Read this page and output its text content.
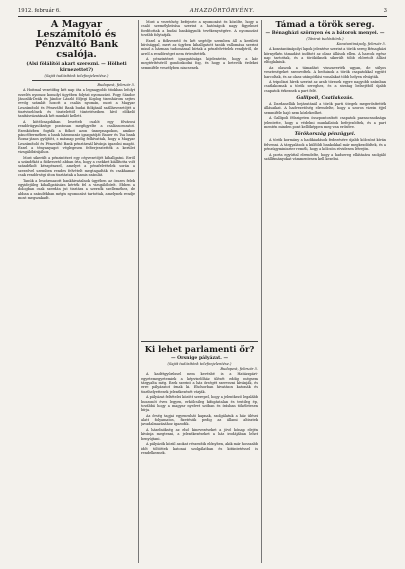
1912. február 6.	AHAZDÖRTÖRVÉNY.	3
A Magyar Leszámítoló és Pénzváltó Bank csalója.
(Alsi fölálítói akart szerezni. — Hölheti kirnezettet?)
(Saját tudósítónk telefonjelentése.)
Budapest, február 5.

A Hoitmal vezetőfog két nap óta a legnagyobb titokban lefolyt ezzelés nyomoz komolyí ügyében folytat nyomozást. Fogy Sándor Jánoslik-Deák és Jándor László följegi Koplog tizenhárom sejtes evvőg számlát hozott a csalás nyomán, most a Magyar Leszámítoló és Pénzváltó Bank budai fiókjánál szállásvezetőjét a tisztviselőnek és tisztelettől tüntetéseiben hívő előkelő tanításvázatának hét munkát kellett.

A kötélcsapdában lesetteb csalót egy fővárosi rendőrügynöksége pontosan megfigyelte a csalássorozatot. Ezenközben fogták a fiókot azon ünnepnapokon, amikor páncéltermében a bank háromszáz igazgatóját Bauer és Tsa bank Rozsa-jános gyűjtött, s másnap pedig felhívattak, hogy a Magyar Leszámítoló és Pénzváltó Bank pénztárnál kívánja igazolni magát. Ezzel a tényanyagot véglegesen felterjesztették a kerület vizsgálóbírájához.

Most sikerült a pénzintézet egy cégvezetőjét kihallgatni. Erről a szándékát a fiókvezető abban írta, hogy a csekket kiállította volt szándékolt készpénzzel, amelyet a pénzfelvételek során a szerzővel szemben rendes felvételt megtagadták és csakhamar csak rendőrségi úton tisztáztak a hamis számlát.

Tanúk a leszármazott bankhivatalnok ügyében az összes felek egyidejűleg kihallgatására kérték fel a vizsgálóbírót. Ebben a dologban csak szerdán jut tisztára a szerzők szelleméhez, de abban a szándékban mégis nyomozást tartottak, amelynek rendje most megszakadt.

Most a vezetőség befejezte a nyomozást és közölte, hogy a csaló személyleírása szerint a hatóságok nagy figyelmet fordítottak a budai bankügynök tevékenységére. A nyomozást tovább folytatják.

Ezzel a fiókvezető és két segédje szemben áll a kerületi bírósággal, mert az ügyben kihallgatott tanúk vallomása szerint mind a hárman tudomással bírtak a pénzfelvételek rendjéről, de arról a rendőrséget nem értesítették.

A pénzintézet igazgatósága kijelentette, hogy a kár megtérítéséről gondoskodni fog, és hogy a betevők érdekei semmiféle veszélyben nincsenek.

Ki lehet parlamenti őr?
— Orsnige pályázat. —
(Saját tudósítónk telefonjelentése.)
Budapest, február 5.

A kadétgyűrűssel nem kevésbé is a Hatázzpárt-egyetemegyetemiek a képviselőház ülését eddig mégsem tárgyalta még. Ezek szerint a ház őrségét szervezni kívánják, és erre pályázatot írnak ki. Elsősorban hivatásos katonák és tiszthelyettesek jelentkezését várják.

A pályázat feltételei között szerepel, hogy a jelentkező legalább huszonöt éves legyen, erkölcsileg kifogástalan és testileg ép, továbbá hogy a magyar nyelvet szóban és írásban tökéletesen bírja.

Az őrség tagjai egyenruhát kapnak, szolgálatuk a ház ülései alatt folyamatos, fizetésük pedig az állami altisztek javadalmazásához igazodik.

A házelnökség az első kinevezéseket a jövő hónap elején kívánja megtenni, a jelentkezéseket a ház irodájában lehet benyújtani.

A pályázók közül azokat részesítik előnyben, akik már hosszabb időt töltöttek katonai szolgálatban és kitüntetéssel is rendelkeznek.

Támad a török sereg.
— Bénagházi szörnyen és a bátorok menyei. —
(Távirat tudósítónk.)
Konstantinápoly, február 5.

A konstantinápolyi lapok jelentése szerint a török sereg Bénagházi környékén támadást indított az olasz állások ellen. A harcok egész nap tartottak, és a törököknek sikerült több előretolt állást elfoglalniuk.

Az olaszok a támadást visszaverték ugyan, de súlyos veszteségeket szenvedtek. A beduinok a török csapatokkal együtt harcoltak, és az olasz utánpótlási vonalakat több helyen elvágták.

A tripoliszi hírek szerint az arab törzsek egyre nagyobb számban csatlakoznak a török sereghez, és a sivatag belsejéből újabb csapatok érkeznek a part felé.

Gallipoli, Csatlakozás.

A Dardanellák bejáratánál a török parti ütegek megerősítették állásaikat. A hadvezetőség elrendelte, hogy a szoros vizein éjjel semmiféle hajó nem közlekedhet.

A Gallipoli félszigeten összpontosított csapatok parancsnoksága jelentette, hogy a védelmi munkálatok befejeződtek, és a part mentén minden pont kellőképpen meg van erősítve.

Törökország pénzügyei.

A török kormány a hadikiadások fedezésére újabb kölcsönt kíván felvenni. A tárgyalások a külföldi bankokkal már megkezdődtek, és a pénzügyminiszter reméli, hogy a kölcsön rövidesen létrejön.

A porta egyúttal elrendelte, hogy a hadsereg ellátására szolgáló szállítmányokat vámmentesen kell kezelni.
